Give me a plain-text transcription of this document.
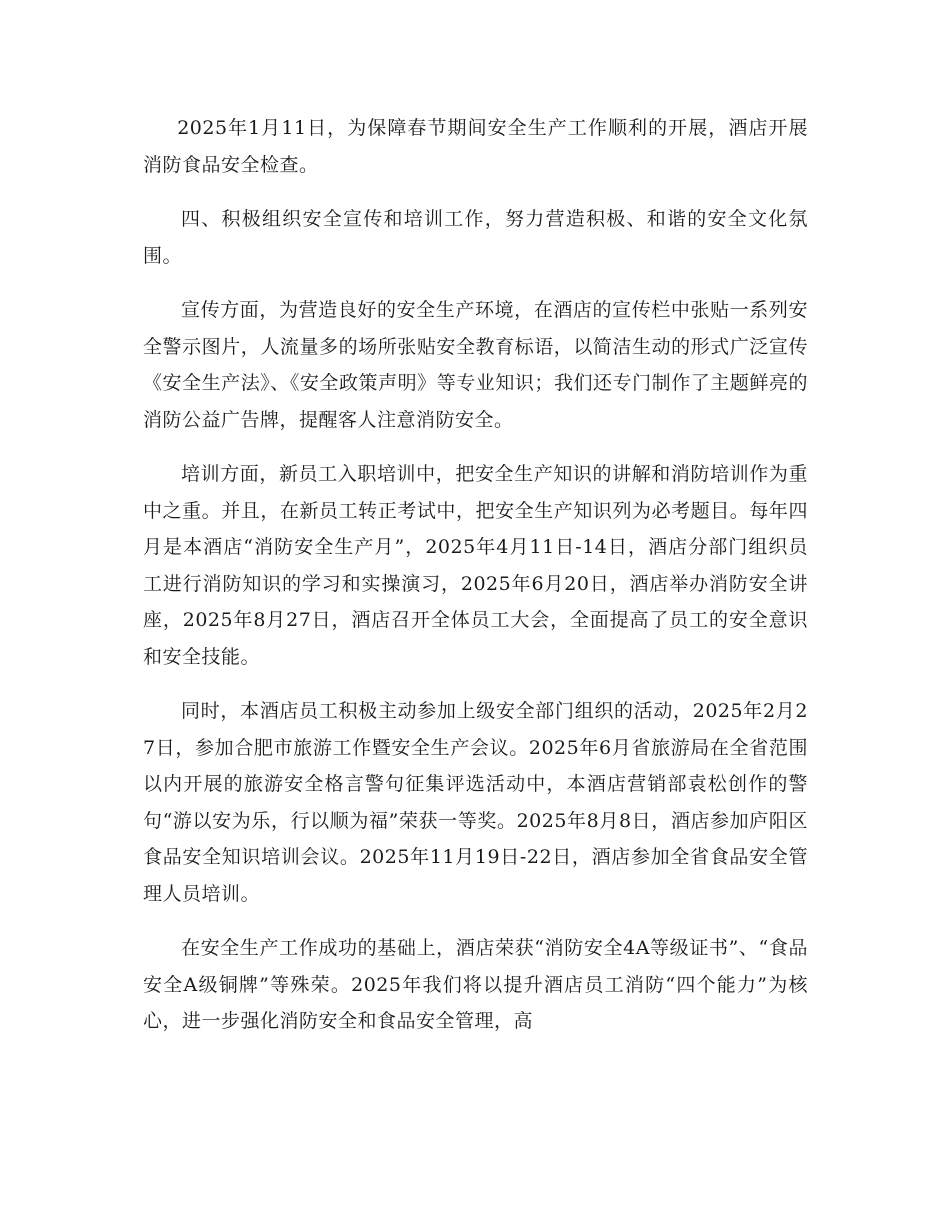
2025年1月11日，为保障春节期间安全生产工作顺利的开展，酒店开展消防食品安全检查。

四、积极组织安全宣传和培训工作，努力营造积极、和谐的安全文化氛围。

宣传方面，为营造良好的安全生产环境，在酒店的宣传栏中张贴一系列安全警示图片，人流量多的场所张贴安全教育标语，以简洁生动的形式广泛宣传《安全生产法》、《安全政策声明》等专业知识；我们还专门制作了主题鲜亮的消防公益广告牌，提醒客人注意消防安全。

培训方面，新员工入职培训中，把安全生产知识的讲解和消防培训作为重中之重。并且，在新员工转正考试中，把安全生产知识列为必考题目。每年四月是本酒店“消防安全生产月”，2025年4月11日-14日，酒店分部门组织员工进行消防知识的学习和实操演习，2025年6月20日，酒店举办消防安全讲座，2025年8月27日，酒店召开全体员工大会，全面提高了员工的安全意识和安全技能。

同时，本酒店员工积极主动参加上级安全部门组织的活动，2025年2月27日，参加合肥市旅游工作暨安全生产会议。2025年6月省旅游局在全省范围以内开展的旅游安全格言警句征集评选活动中，本酒店营销部袁松创作的警句“游以安为乐，行以顺为福”荣获一等奖。2025年8月8日，酒店参加庐阳区食品安全知识培训会议。2025年11月19日-22日，酒店参加全省食品安全管理人员培训。

在安全生产工作成功的基础上，酒店荣获“消防安全4A等级证书”、“食品安全A级铜牌”等殊荣。2025年我们将以提升酒店员工消防“四个能力”为核心，进一步强化消防安全和食品安全管理，高
